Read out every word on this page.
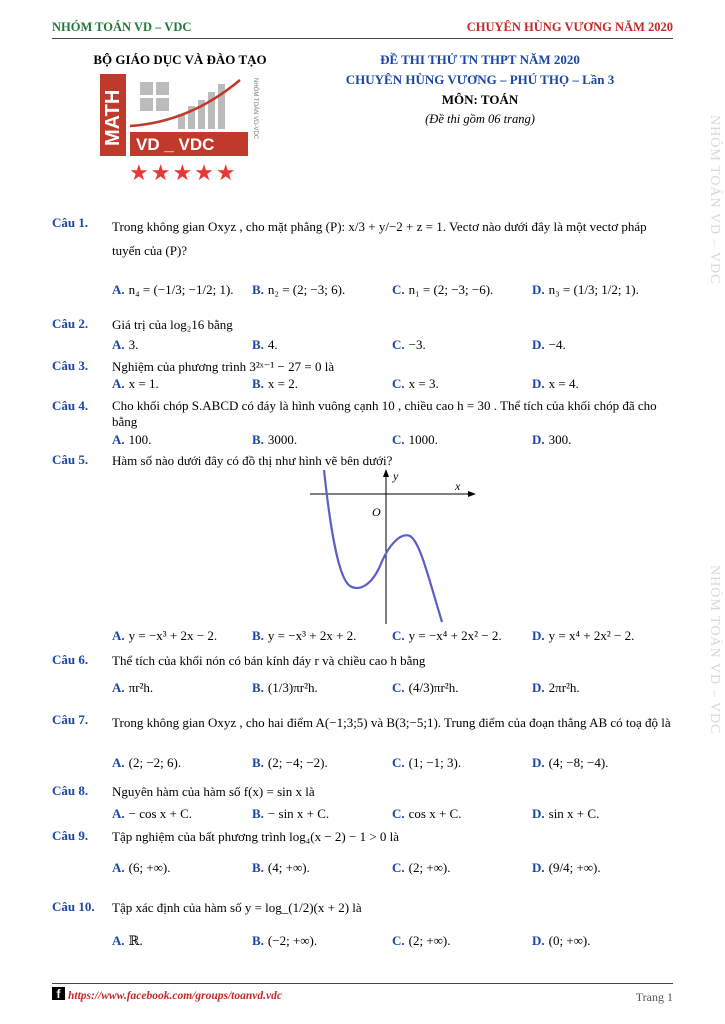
NHÓM TOÁN VD – VDC	CHUYÊN HÙNG VƯƠNG NĂM 2020
BỘ GIÁO DỤC VÀ ĐÀO TẠO	ĐỀ THI THỬ TN THPT NĂM 2020
CHUYÊN HÙNG VƯƠNG – PHÚ THỌ – Lần 3
MÔN: TOÁN
(Đề thi gồm 06 trang)
MATH VD _ VDC
NHÓM TOÁN VD-VDC
★★★★★	NHÓM TOÁN VD – VDC
NHÓM TOÁN VD – VDC
Câu 1. Trong không gian Oxyz , cho mặt phẳng (P): x/3 + y/−2 + z = 1. Vectơ nào dưới đây là một vectơ pháp tuyến của (P)?
A. n₄ = (−1/3; −1/2; 1). B. n₂ = (2; −3; 6).	C. n₁ = (2; −3; −6).	D. n₃ = (1/3; 1/2; 1).
Câu 2. Giá trị của log₂16 bằng
A. 3.	B. 4.	C. −3.	D. −4.
Câu 3. Nghiệm của phương trình 3²ˣ⁻¹ − 27 = 0 là
A. x = 1.	B. x = 2.	C. x = 3.	D. x = 4.
Câu 4. Cho khối chóp S.ABCD có đáy là hình vuông cạnh 10 , chiều cao h = 30 . Thể tích của khối chóp đã cho bằng
A. 100.	B. 3000.	C. 1000.	D. 300.
Câu 5. Hàm số nào dưới đây có đồ thị như hình vẽ bên dưới?
x
y
O
A. y = −x³ + 2x − 2.	B. y = −x³ + 2x + 2.	C. y = −x⁴ + 2x² − 2. D. y = x⁴ + 2x² − 2.
Câu 6. Thể tích của khối nón có bán kính đáy r và chiều cao h bằng
A. πr²h.	B. (1/3)πr²h.	C. (4/3)πr²h.	D. 2πr²h.
Câu 7. Trong không gian Oxyz , cho hai điểm A(−1;3;5) và B(3;−5;1). Trung điểm của đoạn thẳng AB có toạ độ là
A. (2; −2; 6).	B. (2; −4; −2).	C. (1; −1; 3).	D. (4; −8; −4).
Câu 8. Nguyên hàm của hàm số f(x) = sin x là
A. − cos x + C.	B. − sin x + C.	C. cos x + C.	D. sin x + C.
Câu 9. Tập nghiệm của bất phương trình log₄(x − 2) − 1 > 0 là
A. (6; +∞).	B. (4; +∞).	C. (2; +∞).	D. (9/4; +∞).
Câu 10. Tập xác định của hàm số y = log_(1/2)(x + 2) là
A. ℝ.	B. (−2; +∞).	C. (2; +∞).	D. (0; +∞).
f https://www.facebook.com/groups/toanvd.vdc	Trang 1
